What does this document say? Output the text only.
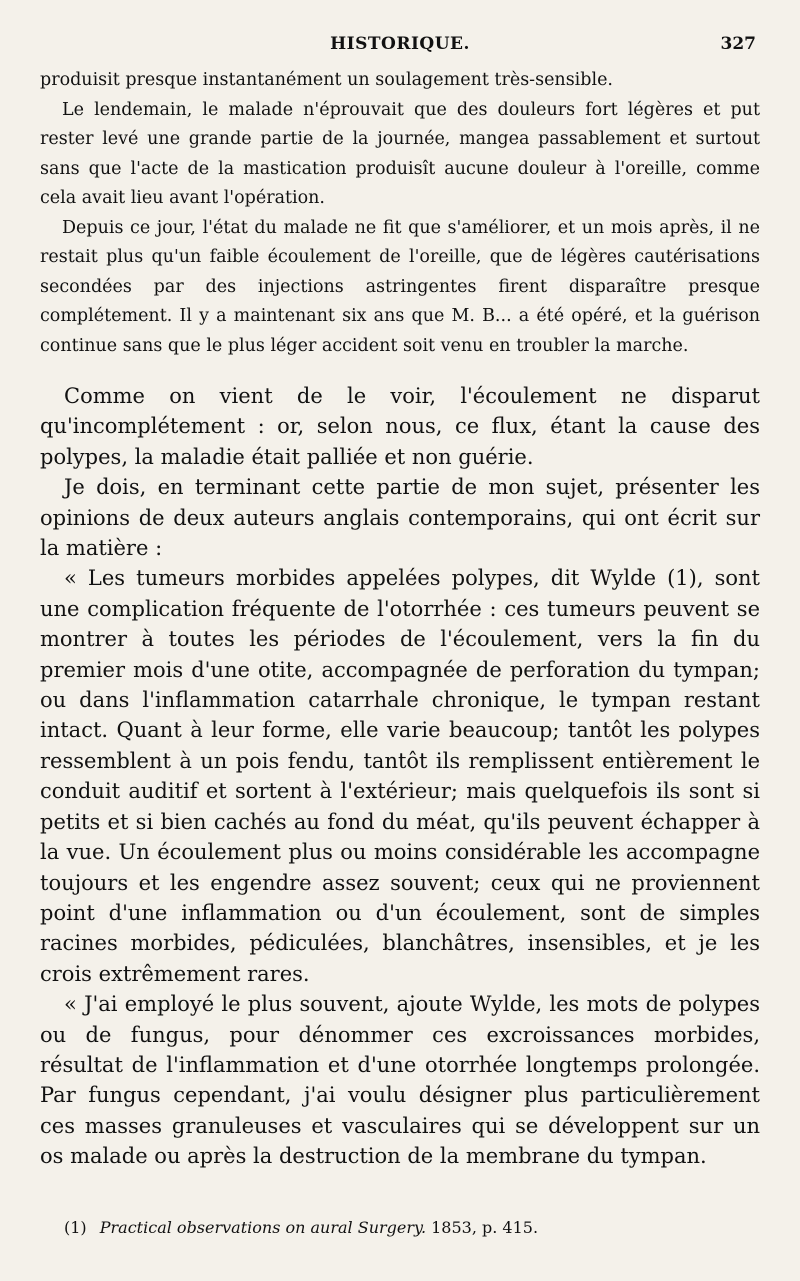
HISTORIQUE.	327

produisit presque instantanément un soulagement très-sensible.

Le lendemain, le malade n'éprouvait que des douleurs fort légères et put rester levé une grande partie de la journée, mangea passablement et surtout sans que l'acte de la mastication produisît aucune douleur à l'oreille, comme cela avait lieu avant l'opération.

Depuis ce jour, l'état du malade ne fit que s'améliorer, et un mois après, il ne restait plus qu'un faible écoulement de l'oreille, que de légères cautérisations secondées par des injections astringentes firent disparaître presque complétement. Il y a maintenant six ans que M. B... a été opéré, et la guérison continue sans que le plus léger accident soit venu en troubler la marche.

Comme on vient de le voir, l'écoulement ne disparut qu'incomplétement : or, selon nous, ce flux, étant la cause des polypes, la maladie était palliée et non guérie.

Je dois, en terminant cette partie de mon sujet, présenter les opinions de deux auteurs anglais contemporains, qui ont écrit sur la matière :

« Les tumeurs morbides appelées polypes, dit Wylde (1), sont une complication fréquente de l'otorrhée : ces tumeurs peuvent se montrer à toutes les périodes de l'écoulement, vers la fin du premier mois d'une otite, accompagnée de perforation du tympan; ou dans l'inflammation catarrhale chronique, le tympan restant intact. Quant à leur forme, elle varie beaucoup; tantôt les polypes ressemblent à un pois fendu, tantôt ils remplissent entièrement le conduit auditif et sortent à l'extérieur; mais quelquefois ils sont si petits et si bien cachés au fond du méat, qu'ils peuvent échapper à la vue. Un écoulement plus ou moins considérable les accompagne toujours et les engendre assez souvent; ceux qui ne proviennent point d'une inflammation ou d'un écoulement, sont de simples racines morbides, pédiculées, blanchâtres, insensibles, et je les crois extrêmement rares.

« J'ai employé le plus souvent, ajoute Wylde, les mots de polypes ou de fungus, pour dénommer ces excroissances morbides, résultat de l'inflammation et d'une otorrhée longtemps prolongée. Par fungus cependant, j'ai voulu désigner plus particulièrement ces masses granuleuses et vasculaires qui se développent sur un os malade ou après la destruction de la membrane du tympan.

(1) Practical observations on aural Surgery. 1853, p. 415.
